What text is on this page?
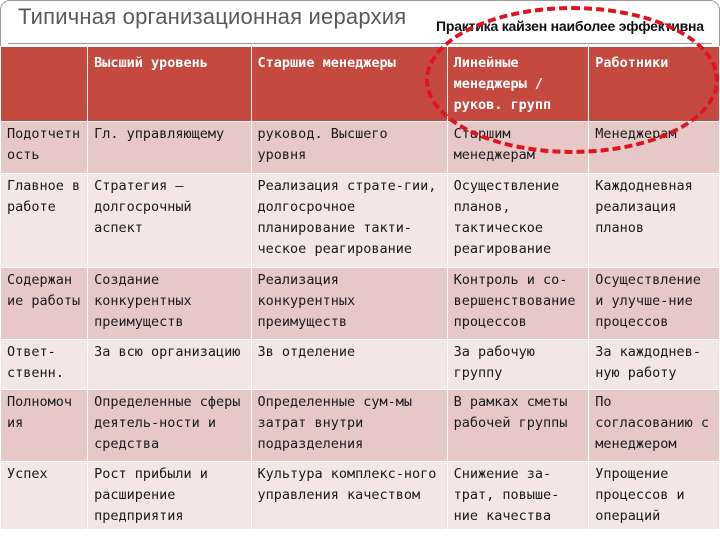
Типичная организационная иерархия Практика кайзен наиболее эффективна
	Высший уровень	Старшие менеджеры	Линейные менеджеры / руков. групп	Работники
Подотчетн ость	Гл. управляющему	руковод. Высшего уровня	Старшим менеджерам	Менеджерам
Главное в работе	Стратегия – долгосрочный аспект	Реализация страте-гии, долгосрочное планирование такти-ческое реагирование	Осуществление планов, тактическое реагирование	Каждодневная реализация планов
Содержан ие работы	Создание конкурентных преимуществ	Реализация конкурентных преимуществ	Контроль и со-вершенствование процессов	Осуществление и улучше-ние процессов
Ответ-ственн.	За всю организацию	Зв отделение	За рабочую группу	За каждоднев-ную работу
Полномоч ия	Определенные сферы деятель-ности и средства	Определенные сум-мы затрат внутри подразделения	В рамках сметы рабочей группы	По согласованию с менеджером
Успех	Рост прибыли и расширение предприятия	Культура комплекс-ного управления качеством	Снижение за-трат, повыше-ние качества	Упрощение процессов и операций
